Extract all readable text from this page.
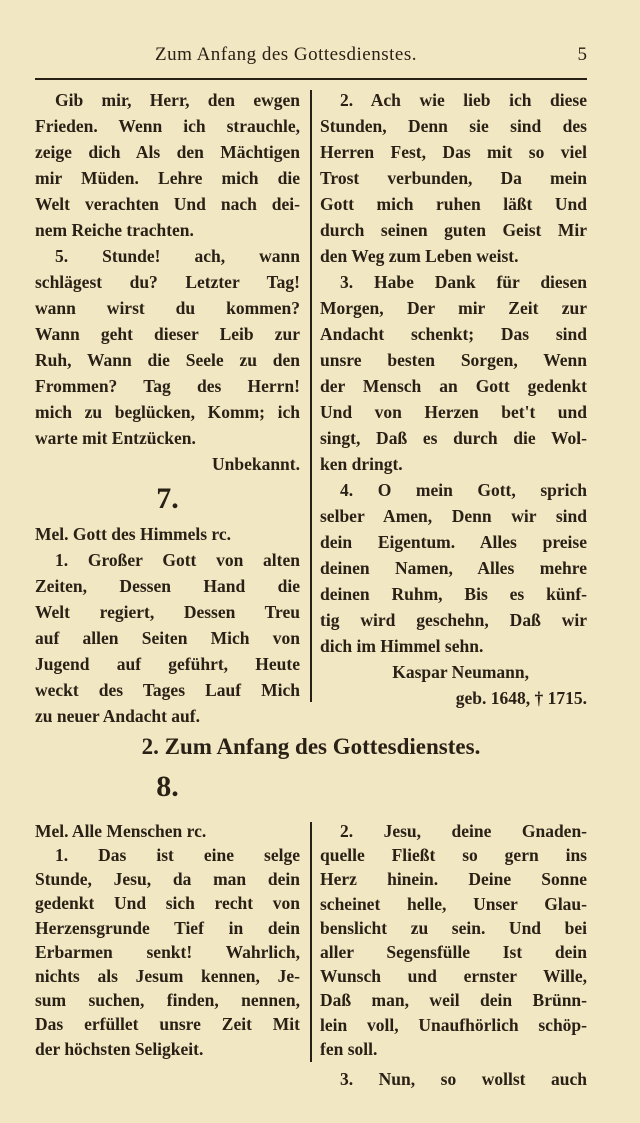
Zum Anfang des Gottesdienstes.	5
Gib mir, Herr, den ewgen
Frieden. Wenn ich strauchle,
zeige dich Als den Mächtigen
mir Müden. Lehre mich die
Welt verachten Und nach dei-
nem Reiche trachten.
5. Stunde! ach, wann
schlägest du? Letzter Tag!
wann wirst du kommen?
Wann geht dieser Leib zur
Ruh, Wann die Seele zu den
Frommen? Tag des Herrn!
mich zu beglücken, Komm; ich
warte mit Entzücken.
Unbekannt.
7.
Mel. Gott des Himmels rc.
1. Großer Gott von alten
Zeiten, Dessen Hand die
Welt regiert, Dessen Treu
auf allen Seiten Mich von
Jugend auf geführt, Heute
weckt des Tages Lauf Mich
zu neuer Andacht auf.
2. Ach wie lieb ich diese
Stunden, Denn sie sind des
Herren Fest, Das mit so viel
Trost verbunden, Da mein
Gott mich ruhen läßt Und
durch seinen guten Geist Mir
den Weg zum Leben weist.
3. Habe Dank für diesen
Morgen, Der mir Zeit zur
Andacht schenkt; Das sind
unsre besten Sorgen, Wenn
der Mensch an Gott gedenkt
Und von Herzen bet't und
singt, Daß es durch die Wol-
ken dringt.
4. O mein Gott, sprich
selber Amen, Denn wir sind
dein Eigentum. Alles preise
deinen Namen, Alles mehre
deinen Ruhm, Bis es künf-
tig wird geschehn, Daß wir
dich im Himmel sehn.
Kaspar Neumann,
geb. 1648, † 1715.
2. Zum Anfang des Gottesdienstes.
8.
Mel. Alle Menschen rc.
1. Das ist eine selge
Stunde, Jesu, da man dein
gedenkt Und sich recht von
Herzensgrunde Tief in dein
Erbarmen senkt! Wahrlich,
nichts als Jesum kennen, Je-
sum suchen, finden, nennen,
Das erfüllet unsre Zeit Mit
der höchsten Seligkeit.
2. Jesu, deine Gnaden-
quelle Fließt so gern ins
Herz hinein. Deine Sonne
scheinet helle, Unser Glau-
benslicht zu sein. Und bei
aller Segensfülle Ist dein
Wunsch und ernster Wille,
Daß man, weil dein Brünn-
lein voll, Unaufhörlich schöp-
fen soll.
3. Nun, so wollst auch
